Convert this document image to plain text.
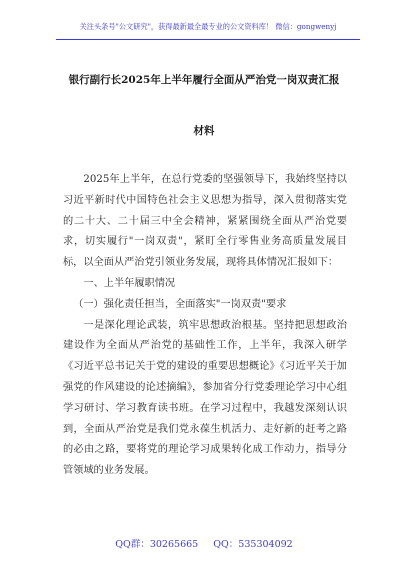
关注头条号"公文研究"，获得最新最全最专业的公文资料库！ 微信：gongwenyj
银行副行长2025年上半年履行全面从严治党一岗双责汇报
材料

2025年上半年，在总行党委的坚强领导下，我始终坚持以习近平新时代中国特色社会主义思想为指导，深入贯彻落实党的二十大、二十届三中全会精神，紧紧围绕全面从严治党要求，切实履行"一岗双责"，紧盯全行零售业务高质量发展目标，以全面从严治党引领业务发展，现将具体情况汇报如下：

一、上半年履职情况

（一）强化责任担当，全面落实"一岗双责"要求

一是深化理论武装，筑牢思想政治根基。坚持把思想政治建设作为全面从严治党的基础性工作，上半年，我深入研学《习近平总书记关于党的建设的重要思想概论》《习近平关于加强党的作风建设的论述摘编》，参加省分行党委理论学习中心组学习研讨、学习教育读书班。在学习过程中，我越发深刻认识到，全面从严治党是我们党永葆生机活力、走好新的赶考之路的必由之路，要将党的理论学习成果转化成工作动力，指导分管领域的业务发展。

QQ群：30265665 QQ：535304092
